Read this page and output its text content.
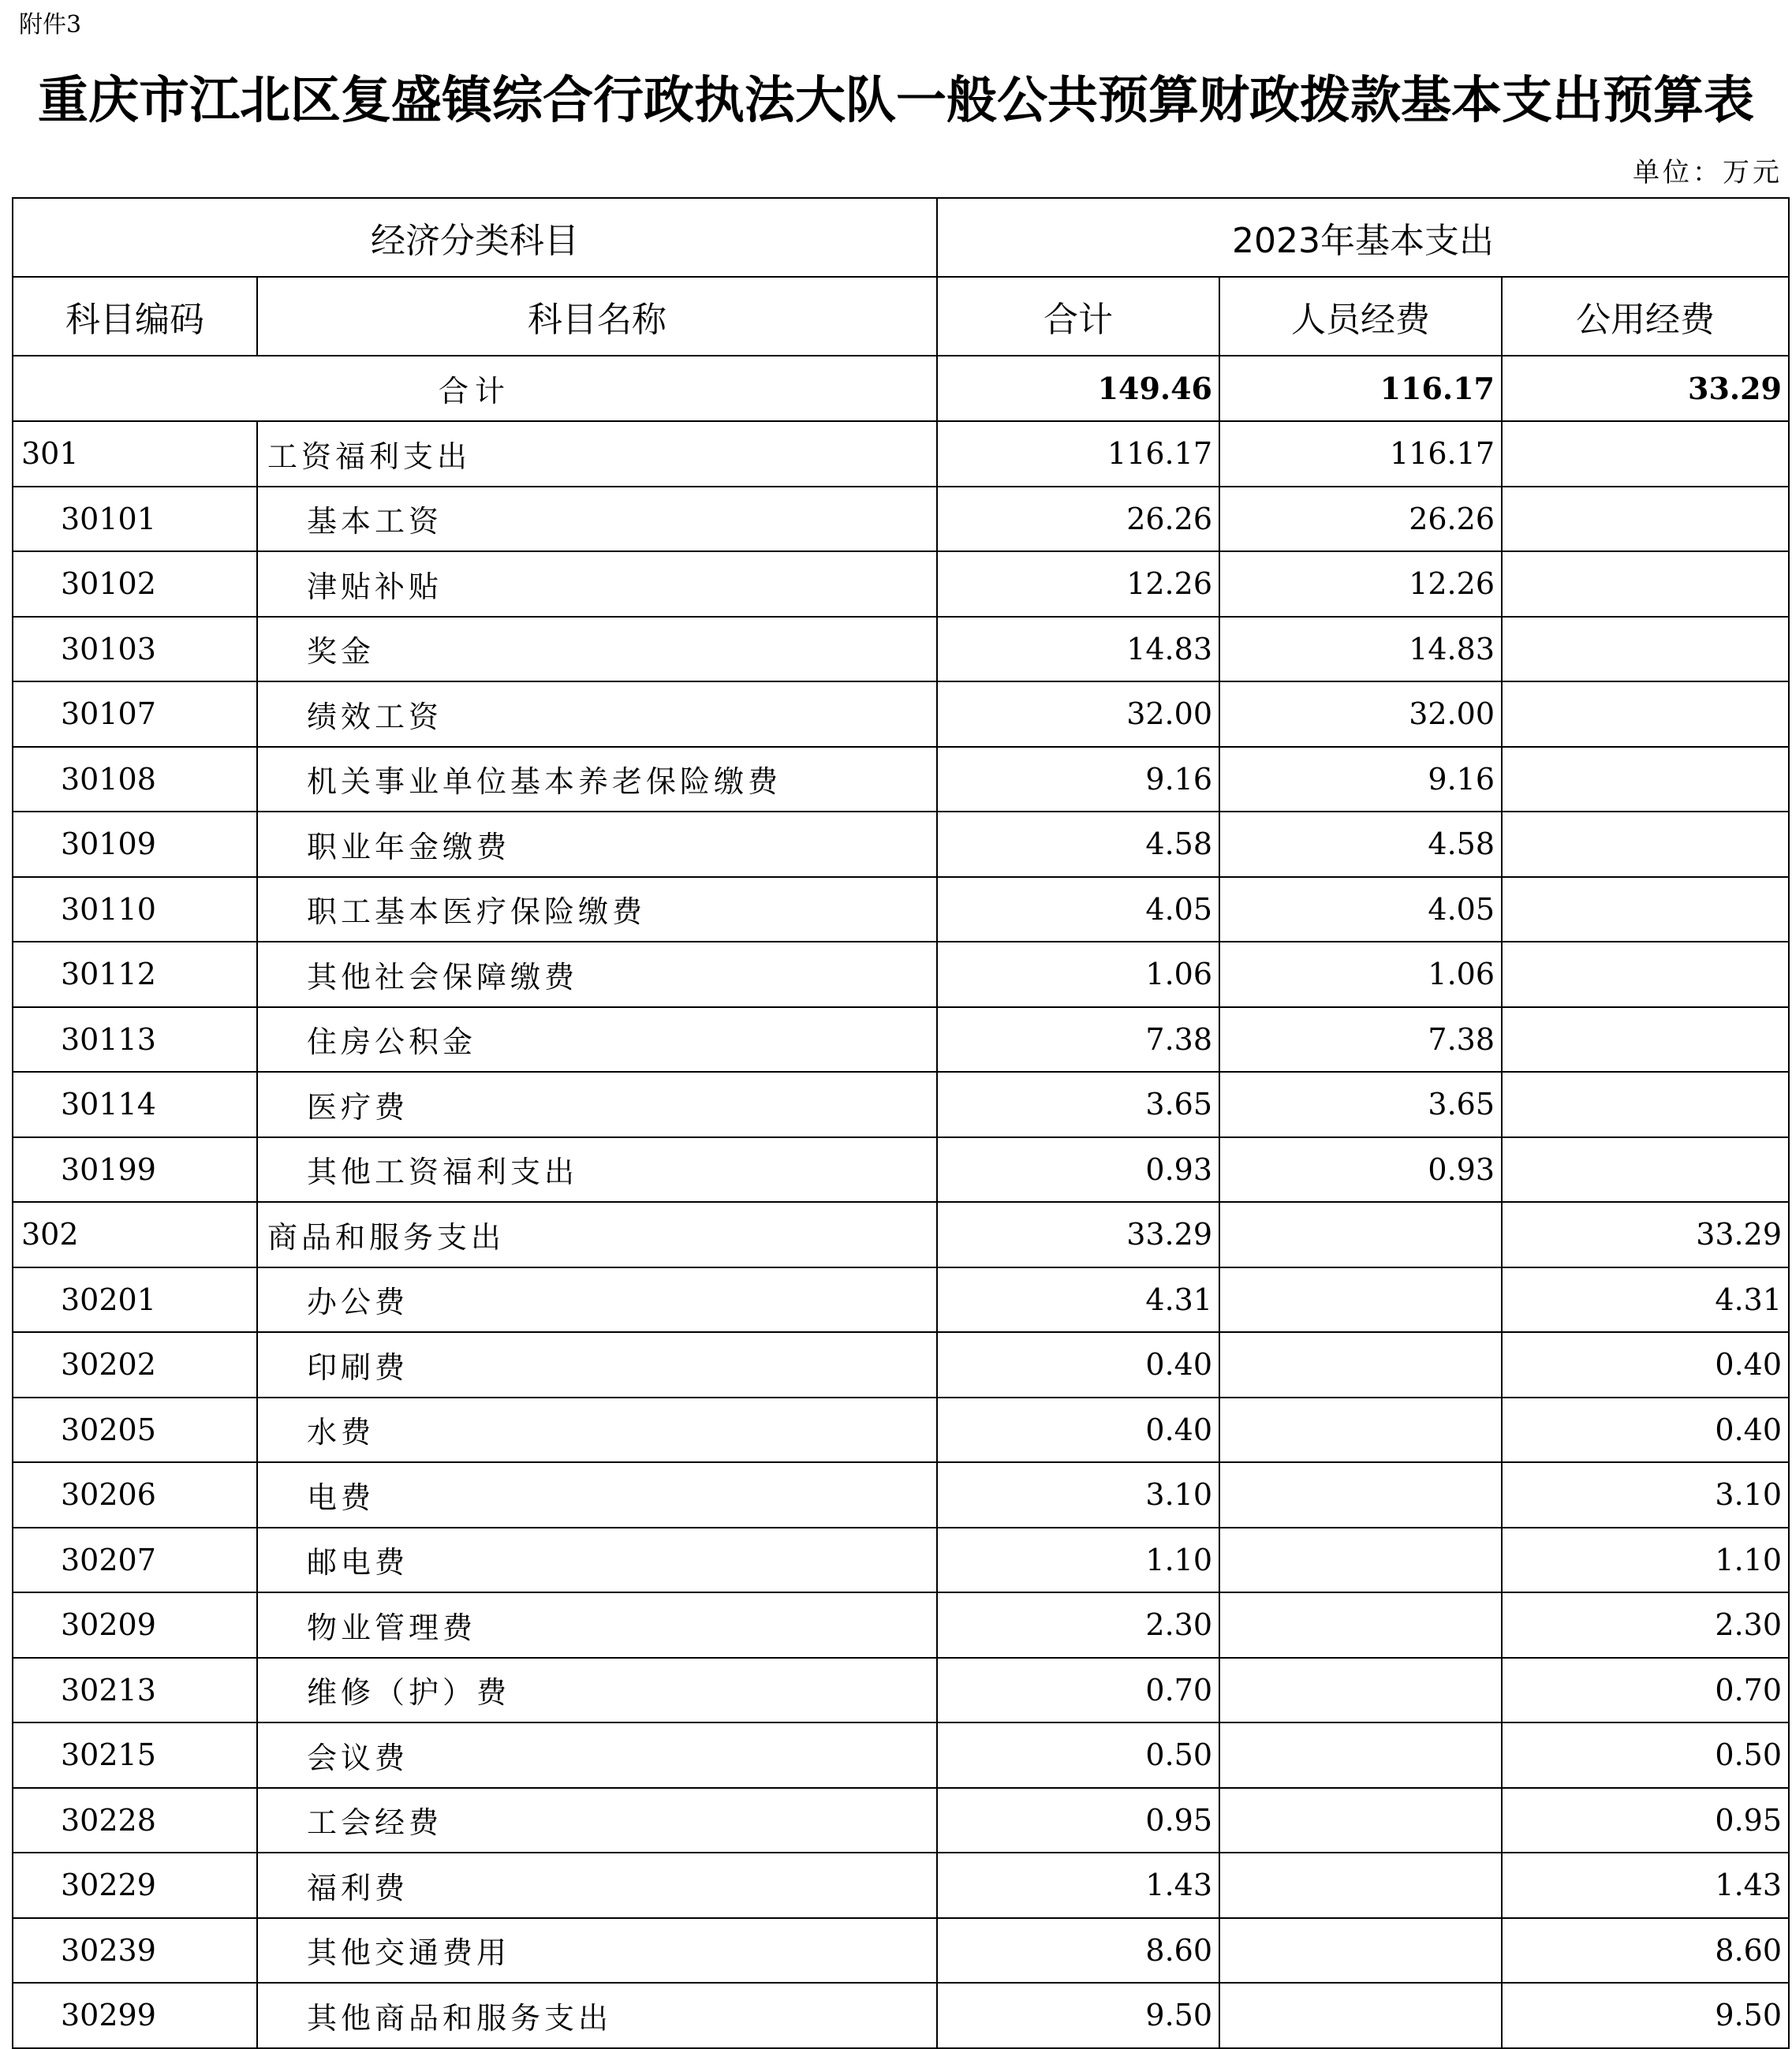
附件3
重庆市江北区复盛镇综合行政执法大队一般公共预算财政拨款基本支出预算表
单位：万元
经济分类科目		2023年基本支出		
科目编码	科目名称	合计	人员经费	公用经费
合计		149.46	116.17	33.29
301	工资福利支出	116.17	116.17	
30101	基本工资	26.26	26.26	
30102	津贴补贴	12.26	12.26	
30103	奖金	14.83	14.83	
30107	绩效工资	32.00	32.00	
30108	机关事业单位基本养老保险缴费	9.16	9.16	
30109	职业年金缴费	4.58	4.58	
30110	职工基本医疗保险缴费	4.05	4.05	
30112	其他社会保障缴费	1.06	1.06	
30113	住房公积金	7.38	7.38	
30114	医疗费	3.65	3.65	
30199	其他工资福利支出	0.93	0.93	
302	商品和服务支出	33.29		33.29
30201	办公费	4.31		4.31
30202	印刷费	0.40		0.40
30205	水费	0.40		0.40
30206	电费	3.10		3.10
30207	邮电费	1.10		1.10
30209	物业管理费	2.30		2.30
30213	维修（护）费	0.70		0.70
30215	会议费	0.50		0.50
30228	工会经费	0.95		0.95
30229	福利费	1.43		1.43
30239	其他交通费用	8.60		8.60
30299	其他商品和服务支出	9.50		9.50
